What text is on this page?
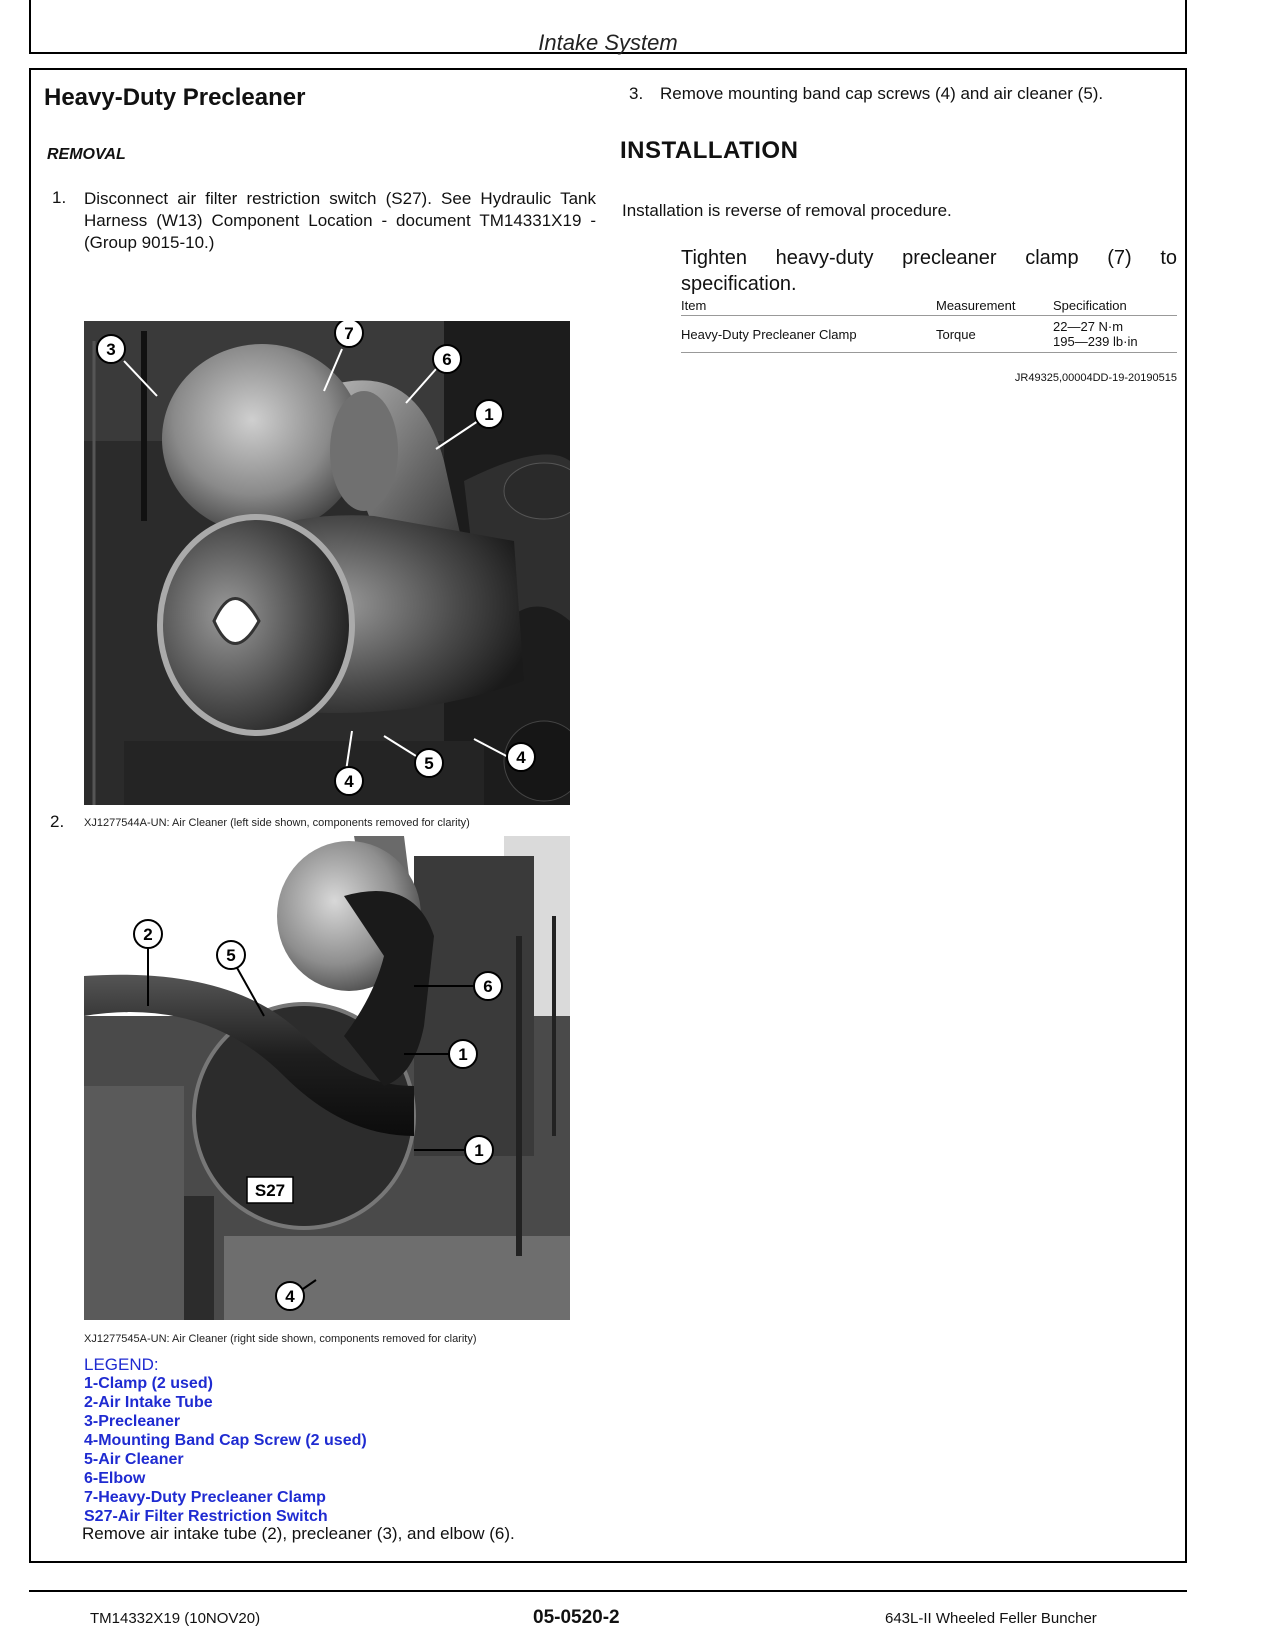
Intake System
Heavy-Duty Precleaner
REMOVAL
1. Disconnect air filter restriction switch (S27). See Hydraulic Tank Harness (W13) Component Location - document TM14331X19 - (Group 9015-10.)
3
7
6
1
4
5	4
2. XJ1277544A-UN: Air Cleaner (left side shown, components removed for clarity)
2
5
6
1
1
S27
4
XJ1277545A-UN: Air Cleaner (right side shown, components removed for clarity)
LEGEND:
1-Clamp (2 used)
2-Air Intake Tube
3-Precleaner
4-Mounting Band Cap Screw (2 used)
5-Air Cleaner
6-Elbow
7-Heavy-Duty Precleaner Clamp
S27-Air Filter Restriction Switch
Remove air intake tube (2), precleaner (3), and elbow (6).
3. Remove mounting band cap screws (4) and air cleaner (5).
INSTALLATION
Installation is reverse of removal procedure.
Tighten heavy-duty precleaner clamp (7) to specification.
Item	Measurement	Specification
Heavy-Duty Precleaner Clamp	Torque	22—27 N·m
195—239 lb·in
JR49325,00004DD-19-20190515
TM14332X19 (10NOV20)	05-0520-2	643L-II Wheeled Feller Buncher
